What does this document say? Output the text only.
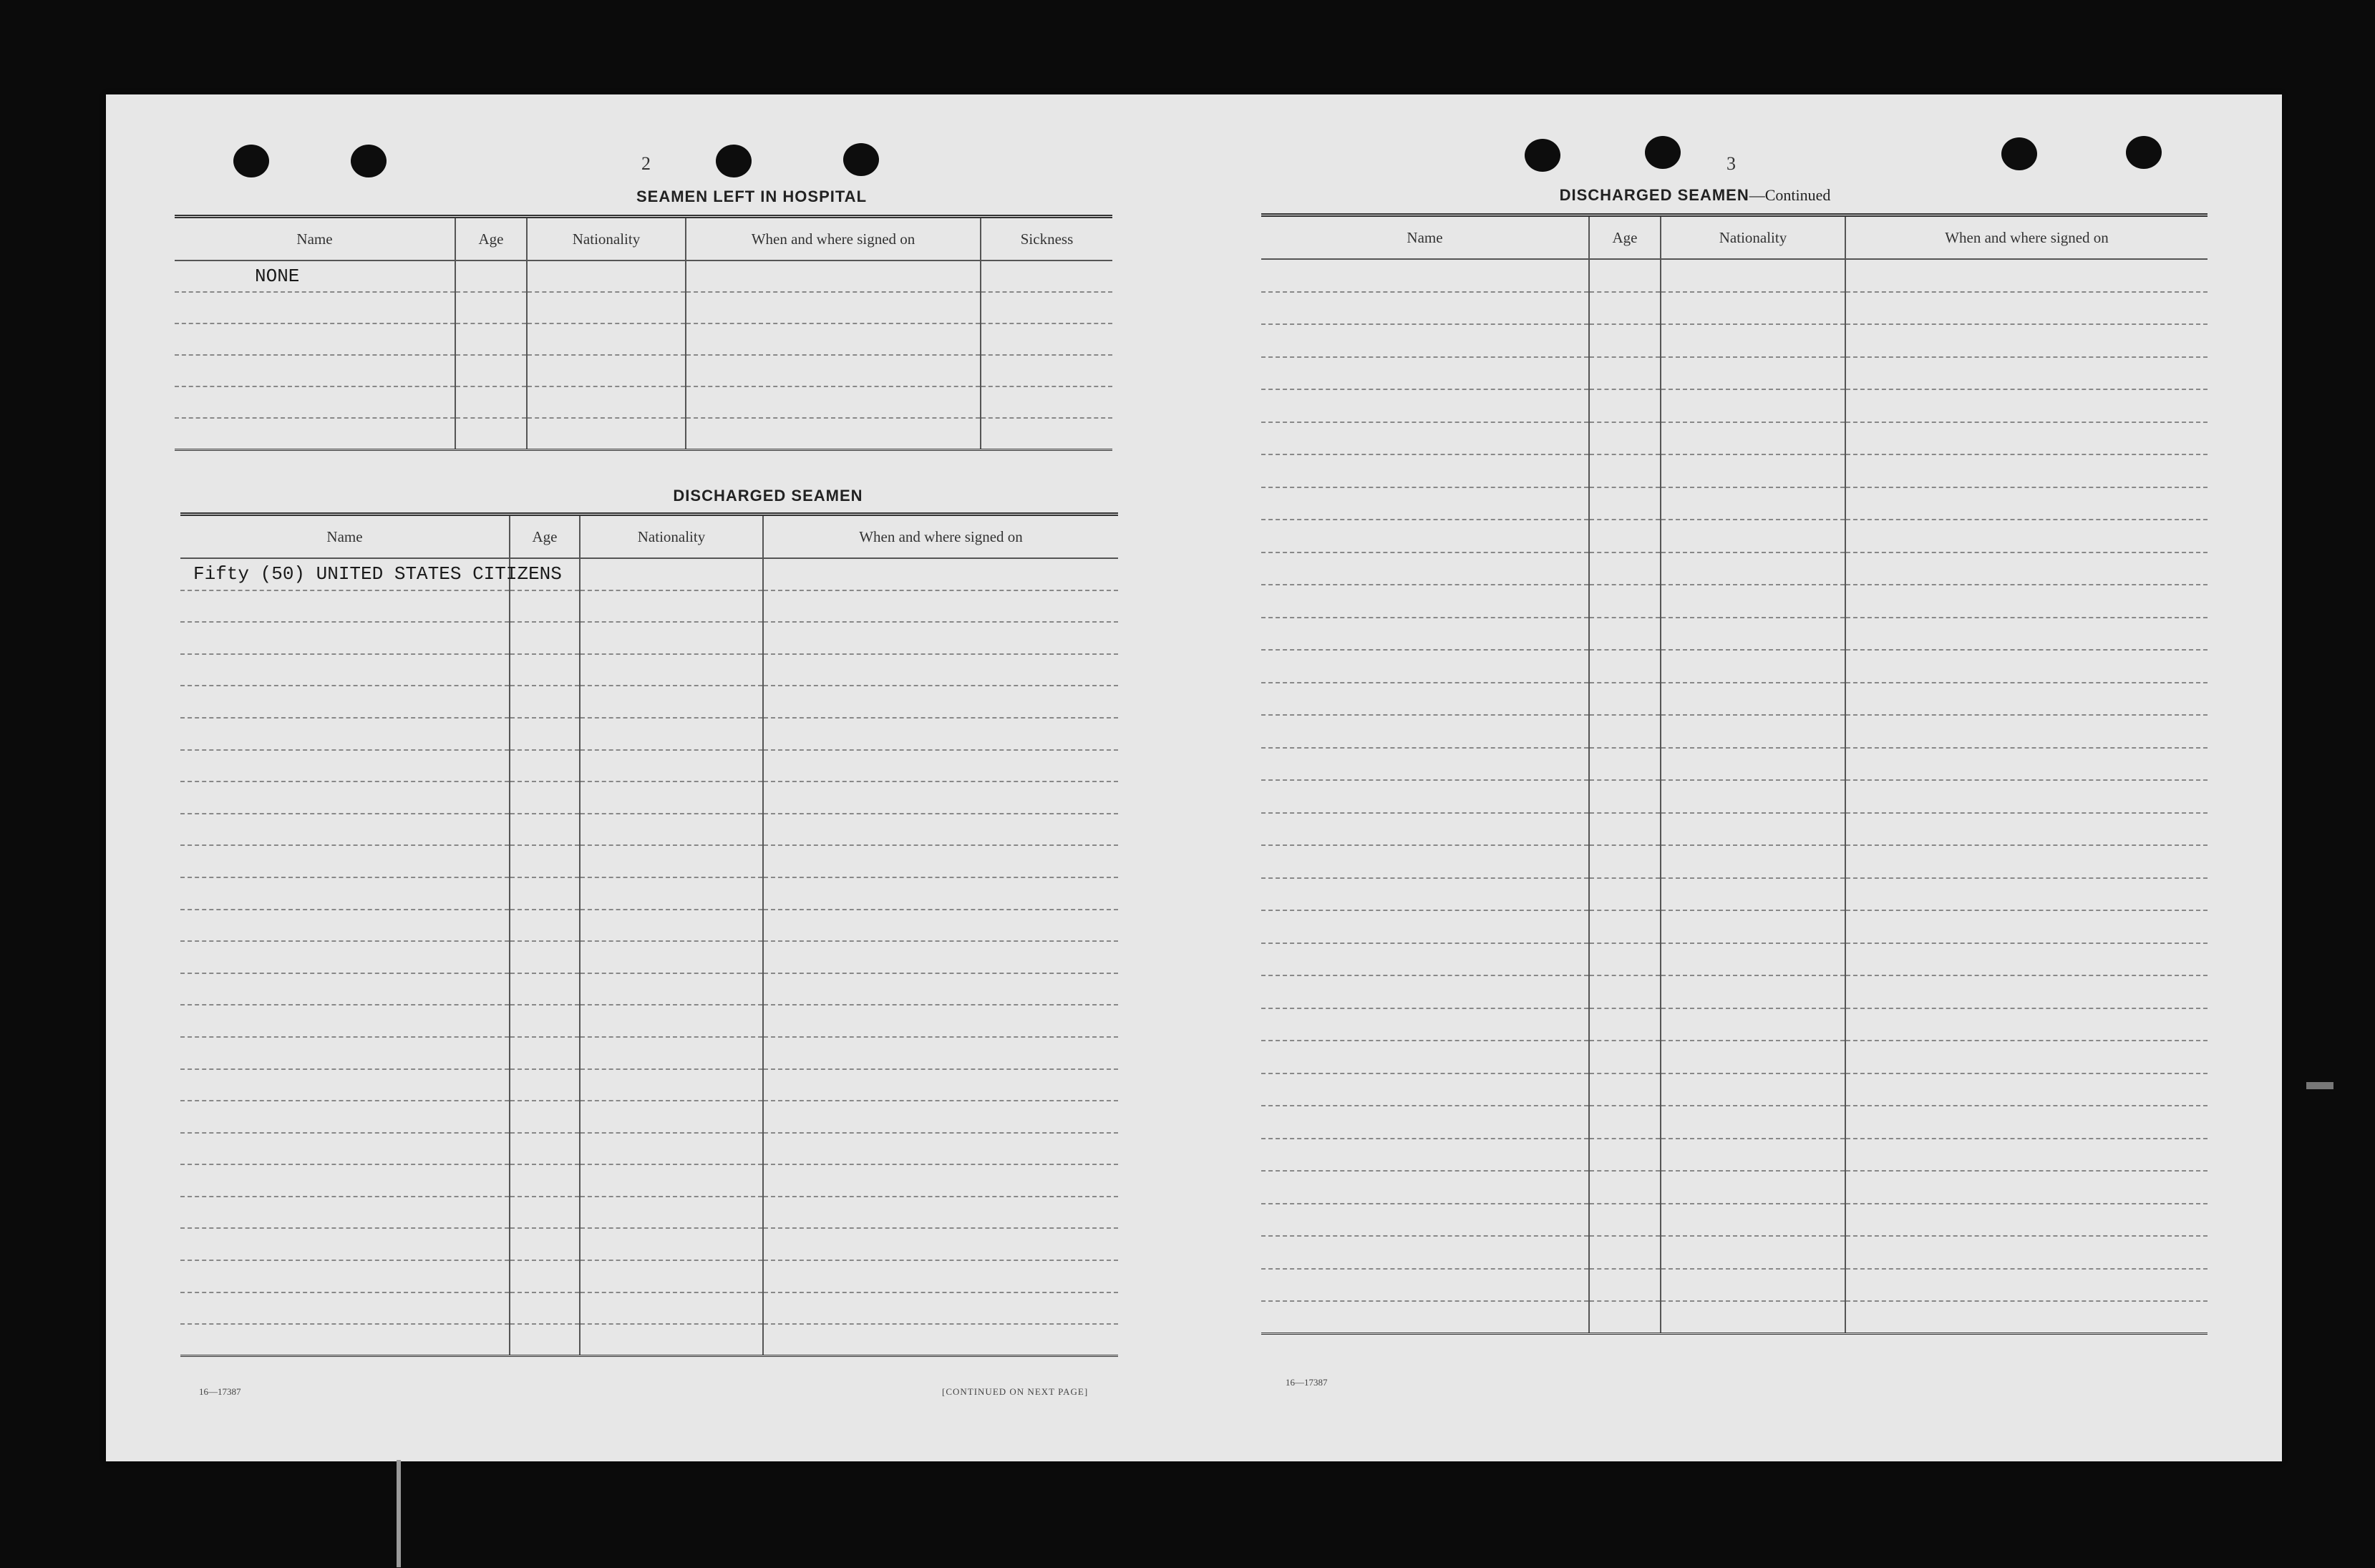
2
SEAMEN LEFT IN HOSPITAL
Name	Age	Nationality	When and where signed on	Sickness
NONE				

DISCHARGED SEAMEN
Name	Age	Nationality	When and where signed on
Fifty (50) UNITED STATES CITIZENS			

16—17387	[CONTINUED ON NEXT PAGE]
3
DISCHARGED SEAMEN—Continued
Name	Age	Nationality	When and where signed on

16—17387
